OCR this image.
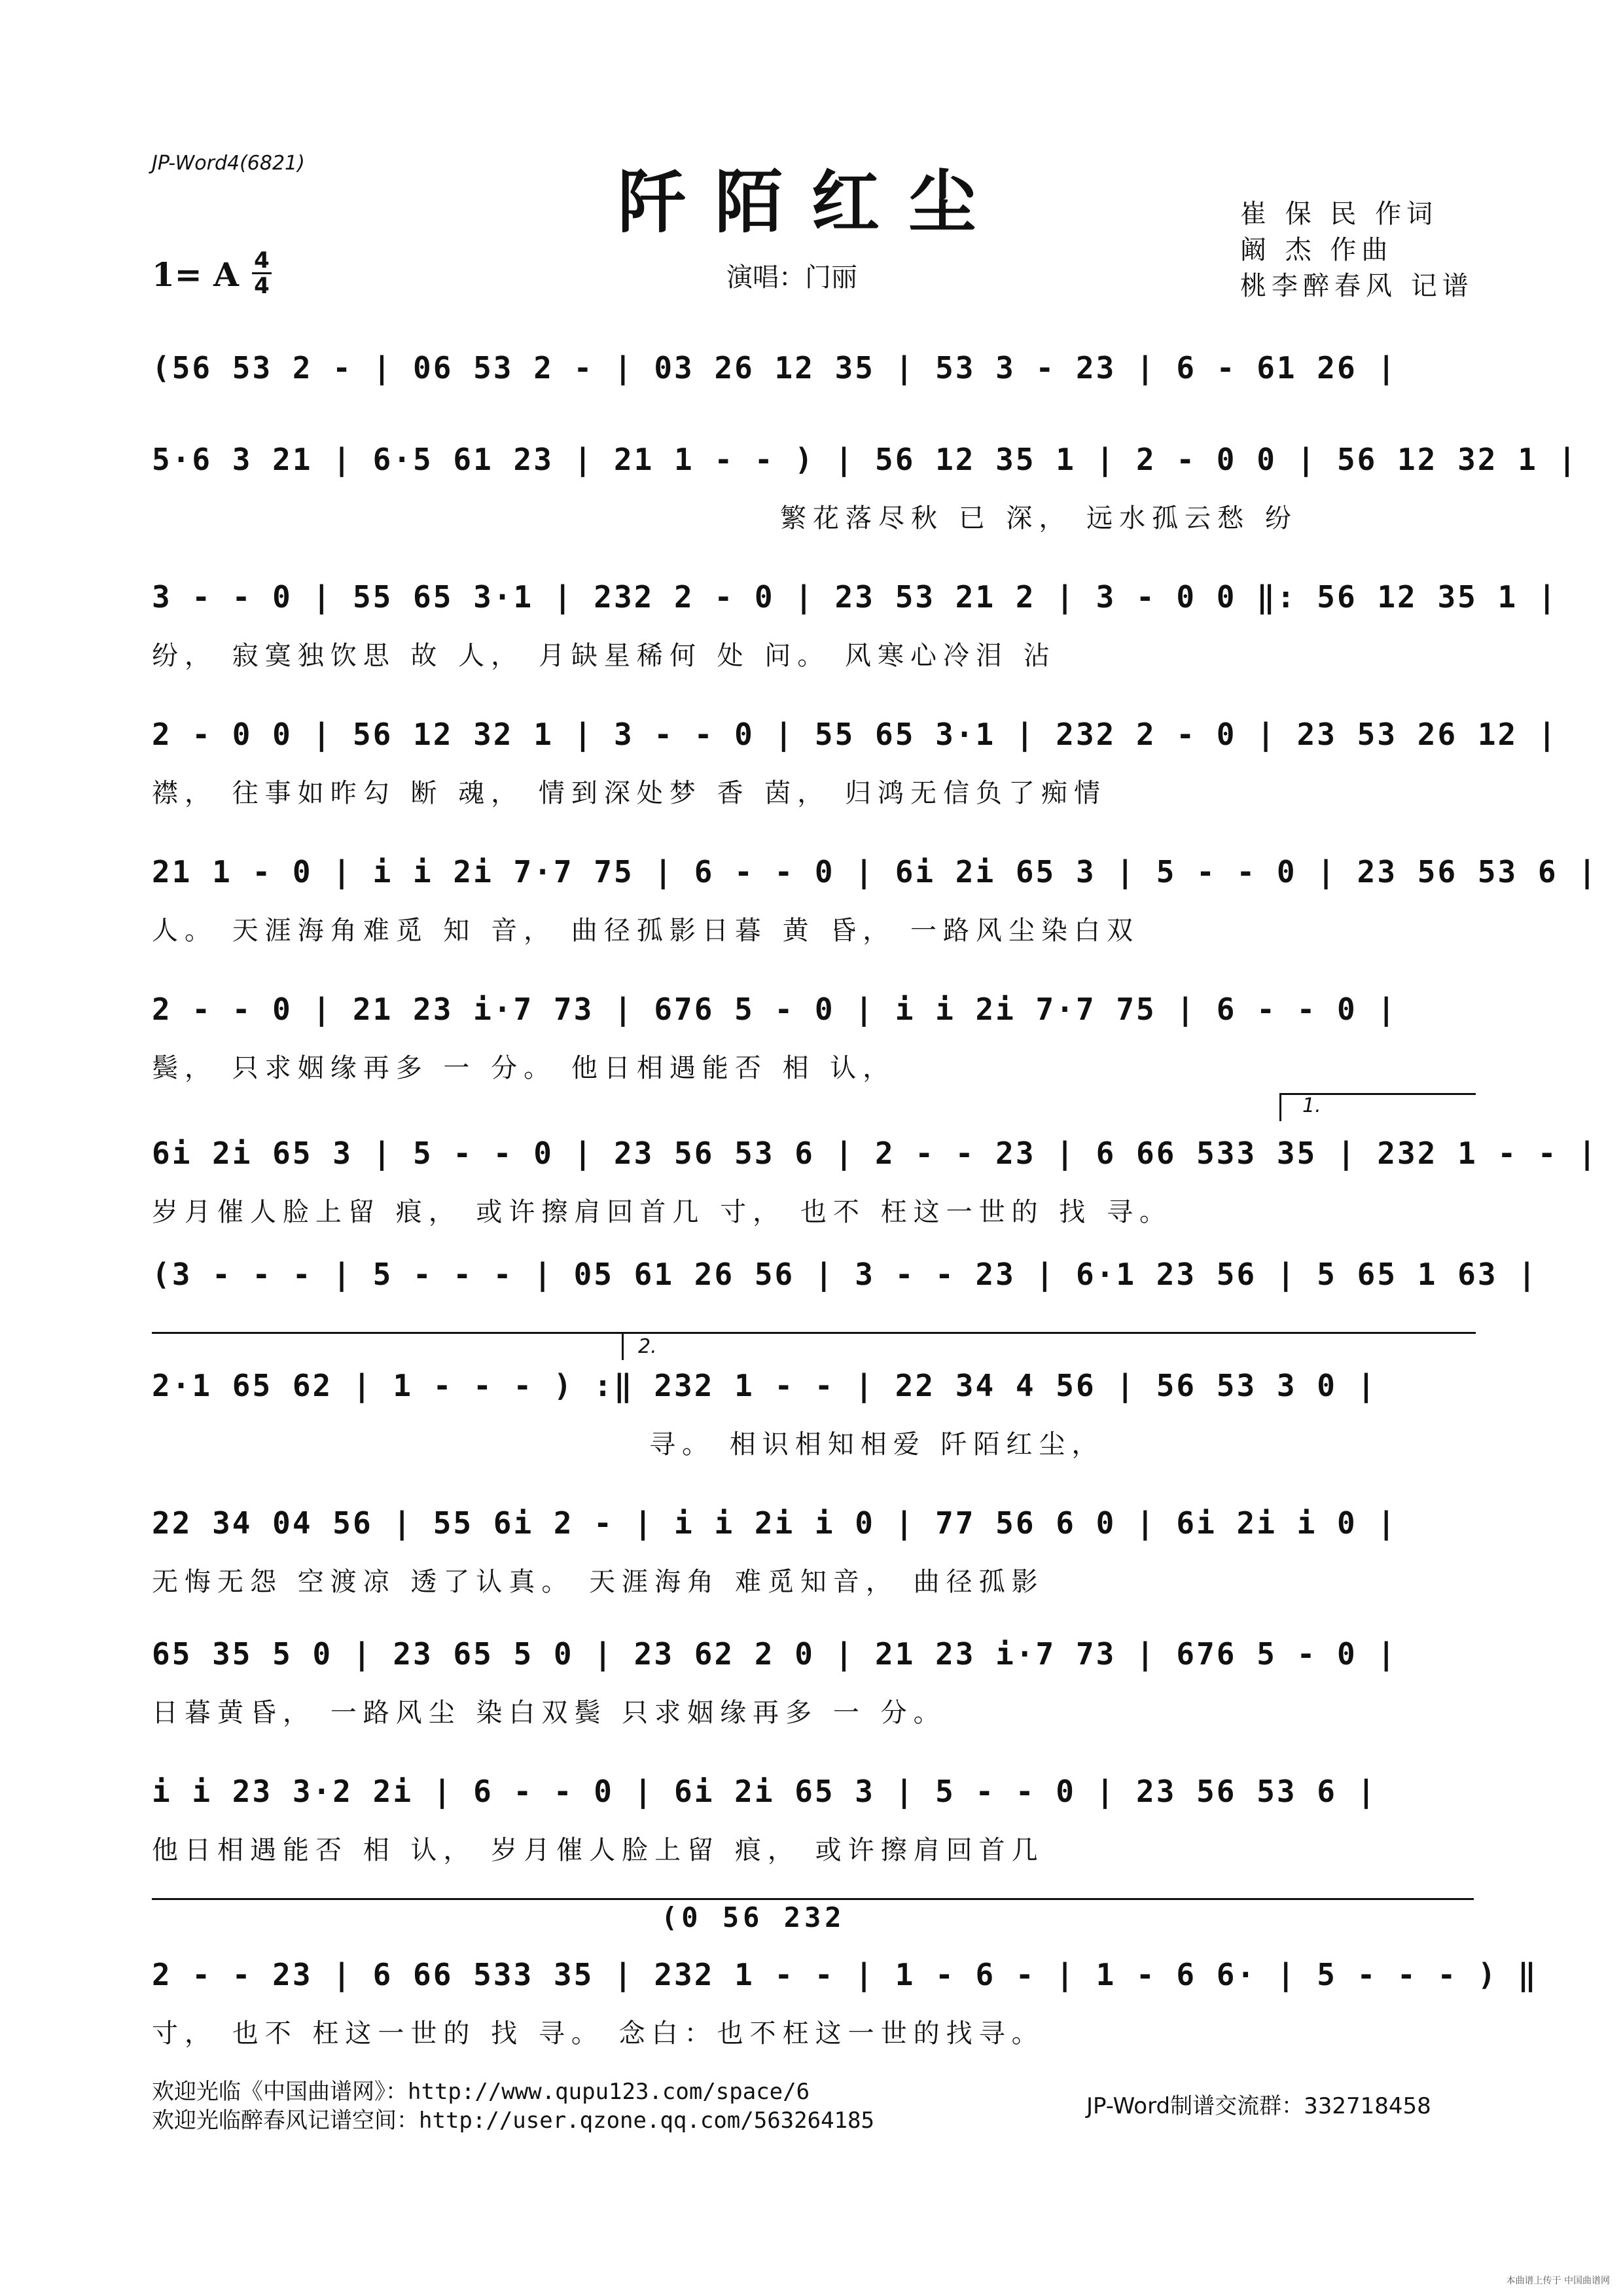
JP-Word4(6821)	阡陌红尘	崔 保 民 作词
阚 杰 作曲
桃李醉春风 记谱
1= A 4
4	演唱：门丽
(56 53 2 - | 06 53 2 - | 03 26 12 35 | 53 3 - 23 | 6 - 61 26 |
5·6 3 21 | 6·5 61 23 | 21 1 - - ) | 56 12 35 1 | 2 - 0 0 | 56 12 32 1 |
繁花落尽秋 已 深， 远水孤云愁 纷
3 - - 0 | 55 65 3·1 | 232 2 - 0 | 23 53 21 2 | 3 - 0 0 ‖: 56 12 35 1 |
纷， 寂寞独饮思 故 人， 月缺星稀何 处 问。 风寒心冷泪 沾
2 - 0 0 | 56 12 32 1 | 3 - - 0 | 55 65 3·1 | 232 2 - 0 | 23 53 26 12 |
襟， 往事如昨勾 断 魂， 情到深处梦 香 茵， 归鸿无信负了痴情
21 1 - 0 | i i 2i 7·7 75 | 6 - - 0 | 6i 2i 65 3 | 5 - - 0 | 23 56 53 6 |
人。 天涯海角难觅 知 音， 曲径孤影日暮 黄 昏， 一路风尘染白双
2 - - 0 | 21 23 i·7 73 | 676 5 - 0 | i i 2i 7·7 75 | 6 - - 0 |
鬓， 只求姻缘再多 一 分。 他日相遇能否 相 认，
1.
6i 2i 65 3 | 5 - - 0 | 23 56 53 6 | 2 - - 23 | 6 66 533 35 | 232 1 - - |
岁月催人脸上留 痕， 或许擦肩回首几 寸， 也不 枉这一世的 找 寻。
(3 - - - | 5 - - - | 05 61 26 56 | 3 - - 23 | 6·1 23 56 | 5 65 1 63 |
2.
2·1 65 62 | 1 - - - ) :‖ 232 1 - - | 22 34 4 56 | 56 53 3 0 |
寻。 相识相知相爱 阡陌红尘，
22 34 04 56 | 55 6i 2 - | i i 2i i 0 | 77 56 6 0 | 6i 2i i 0 |
无悔无怨 空渡凉 透了认真。 天涯海角 难觅知音， 曲径孤影
65 35 5 0 | 23 65 5 0 | 23 62 2 0 | 21 23 i·7 73 | 676 5 - 0 |
日暮黄昏， 一路风尘 染白双鬓 只求姻缘再多 一 分。
i i 23 3·2 2i | 6 - - 0 | 6i 2i 65 3 | 5 - - 0 | 23 56 53 6 |
他日相遇能否 相 认， 岁月催人脸上留 痕， 或许擦肩回首几
(0 56 232
2 - - 23 | 6 66 533 35 | 232 1 - - | 1 - 6 - | 1 - 6 6· | 5 - - - ) ‖
寸， 也不 枉这一世的 找 寻。 念白：也不枉这一世的找寻。
欢迎光临《中国曲谱网》：http://www.qupu123.com/space/6
欢迎光临醉春风记谱空间：http://user.qzone.qq.com/563264185
JP-Word制谱交流群：332718458
本曲谱上传于 中国曲谱网
